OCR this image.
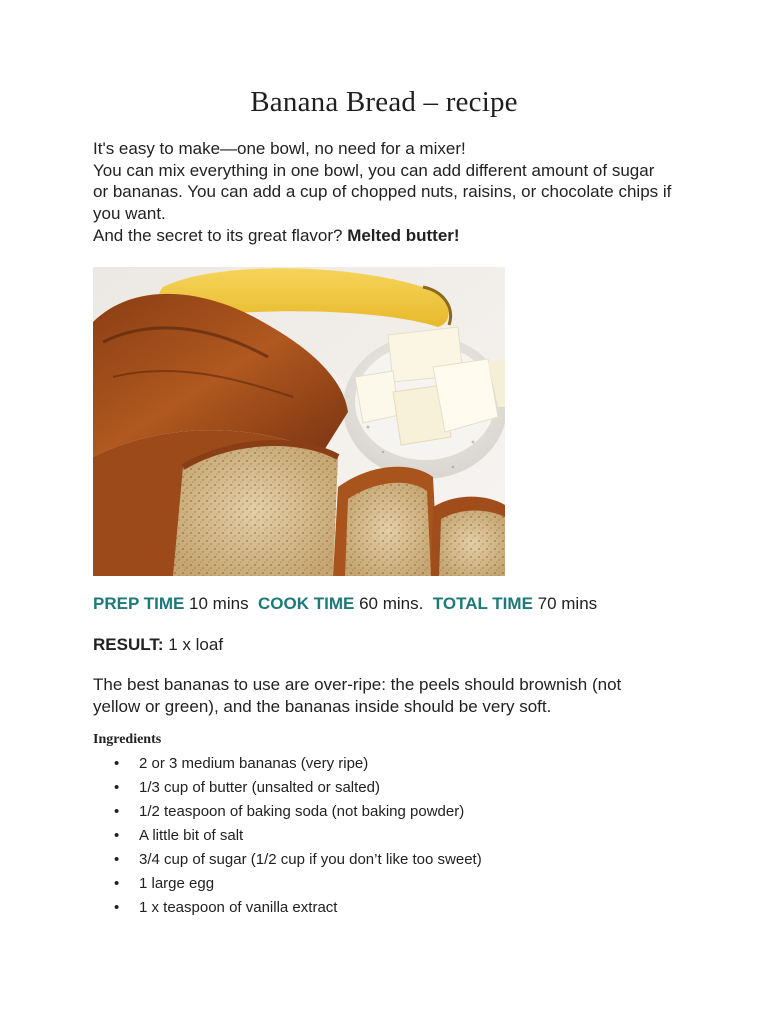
Banana Bread – recipe

It's easy to make—one bowl, no need for a mixer!

You can mix everything in one bowl, you can add different amount of sugar or bananas. You can add a cup of chopped nuts, raisins, or chocolate chips if you want.

And the secret to its great flavor? Melted butter!

PREP TIME 10 mins  COOK TIME 60 mins.  TOTAL TIME 70 mins
RESULT: 1 x loaf

The best bananas to use are over-ripe: the peels should brownish (not yellow or green), and the bananas inside should be very soft.

Ingredients
• 2 or 3 medium bananas (very ripe)
• 1/3 cup of butter (unsalted or salted)
• 1/2 teaspoon of baking soda (not baking powder)
• A little bit of salt
• 3/4 cup of sugar (1/2 cup if you don’t like too sweet)
• 1 large egg
• 1 x teaspoon of vanilla extract
